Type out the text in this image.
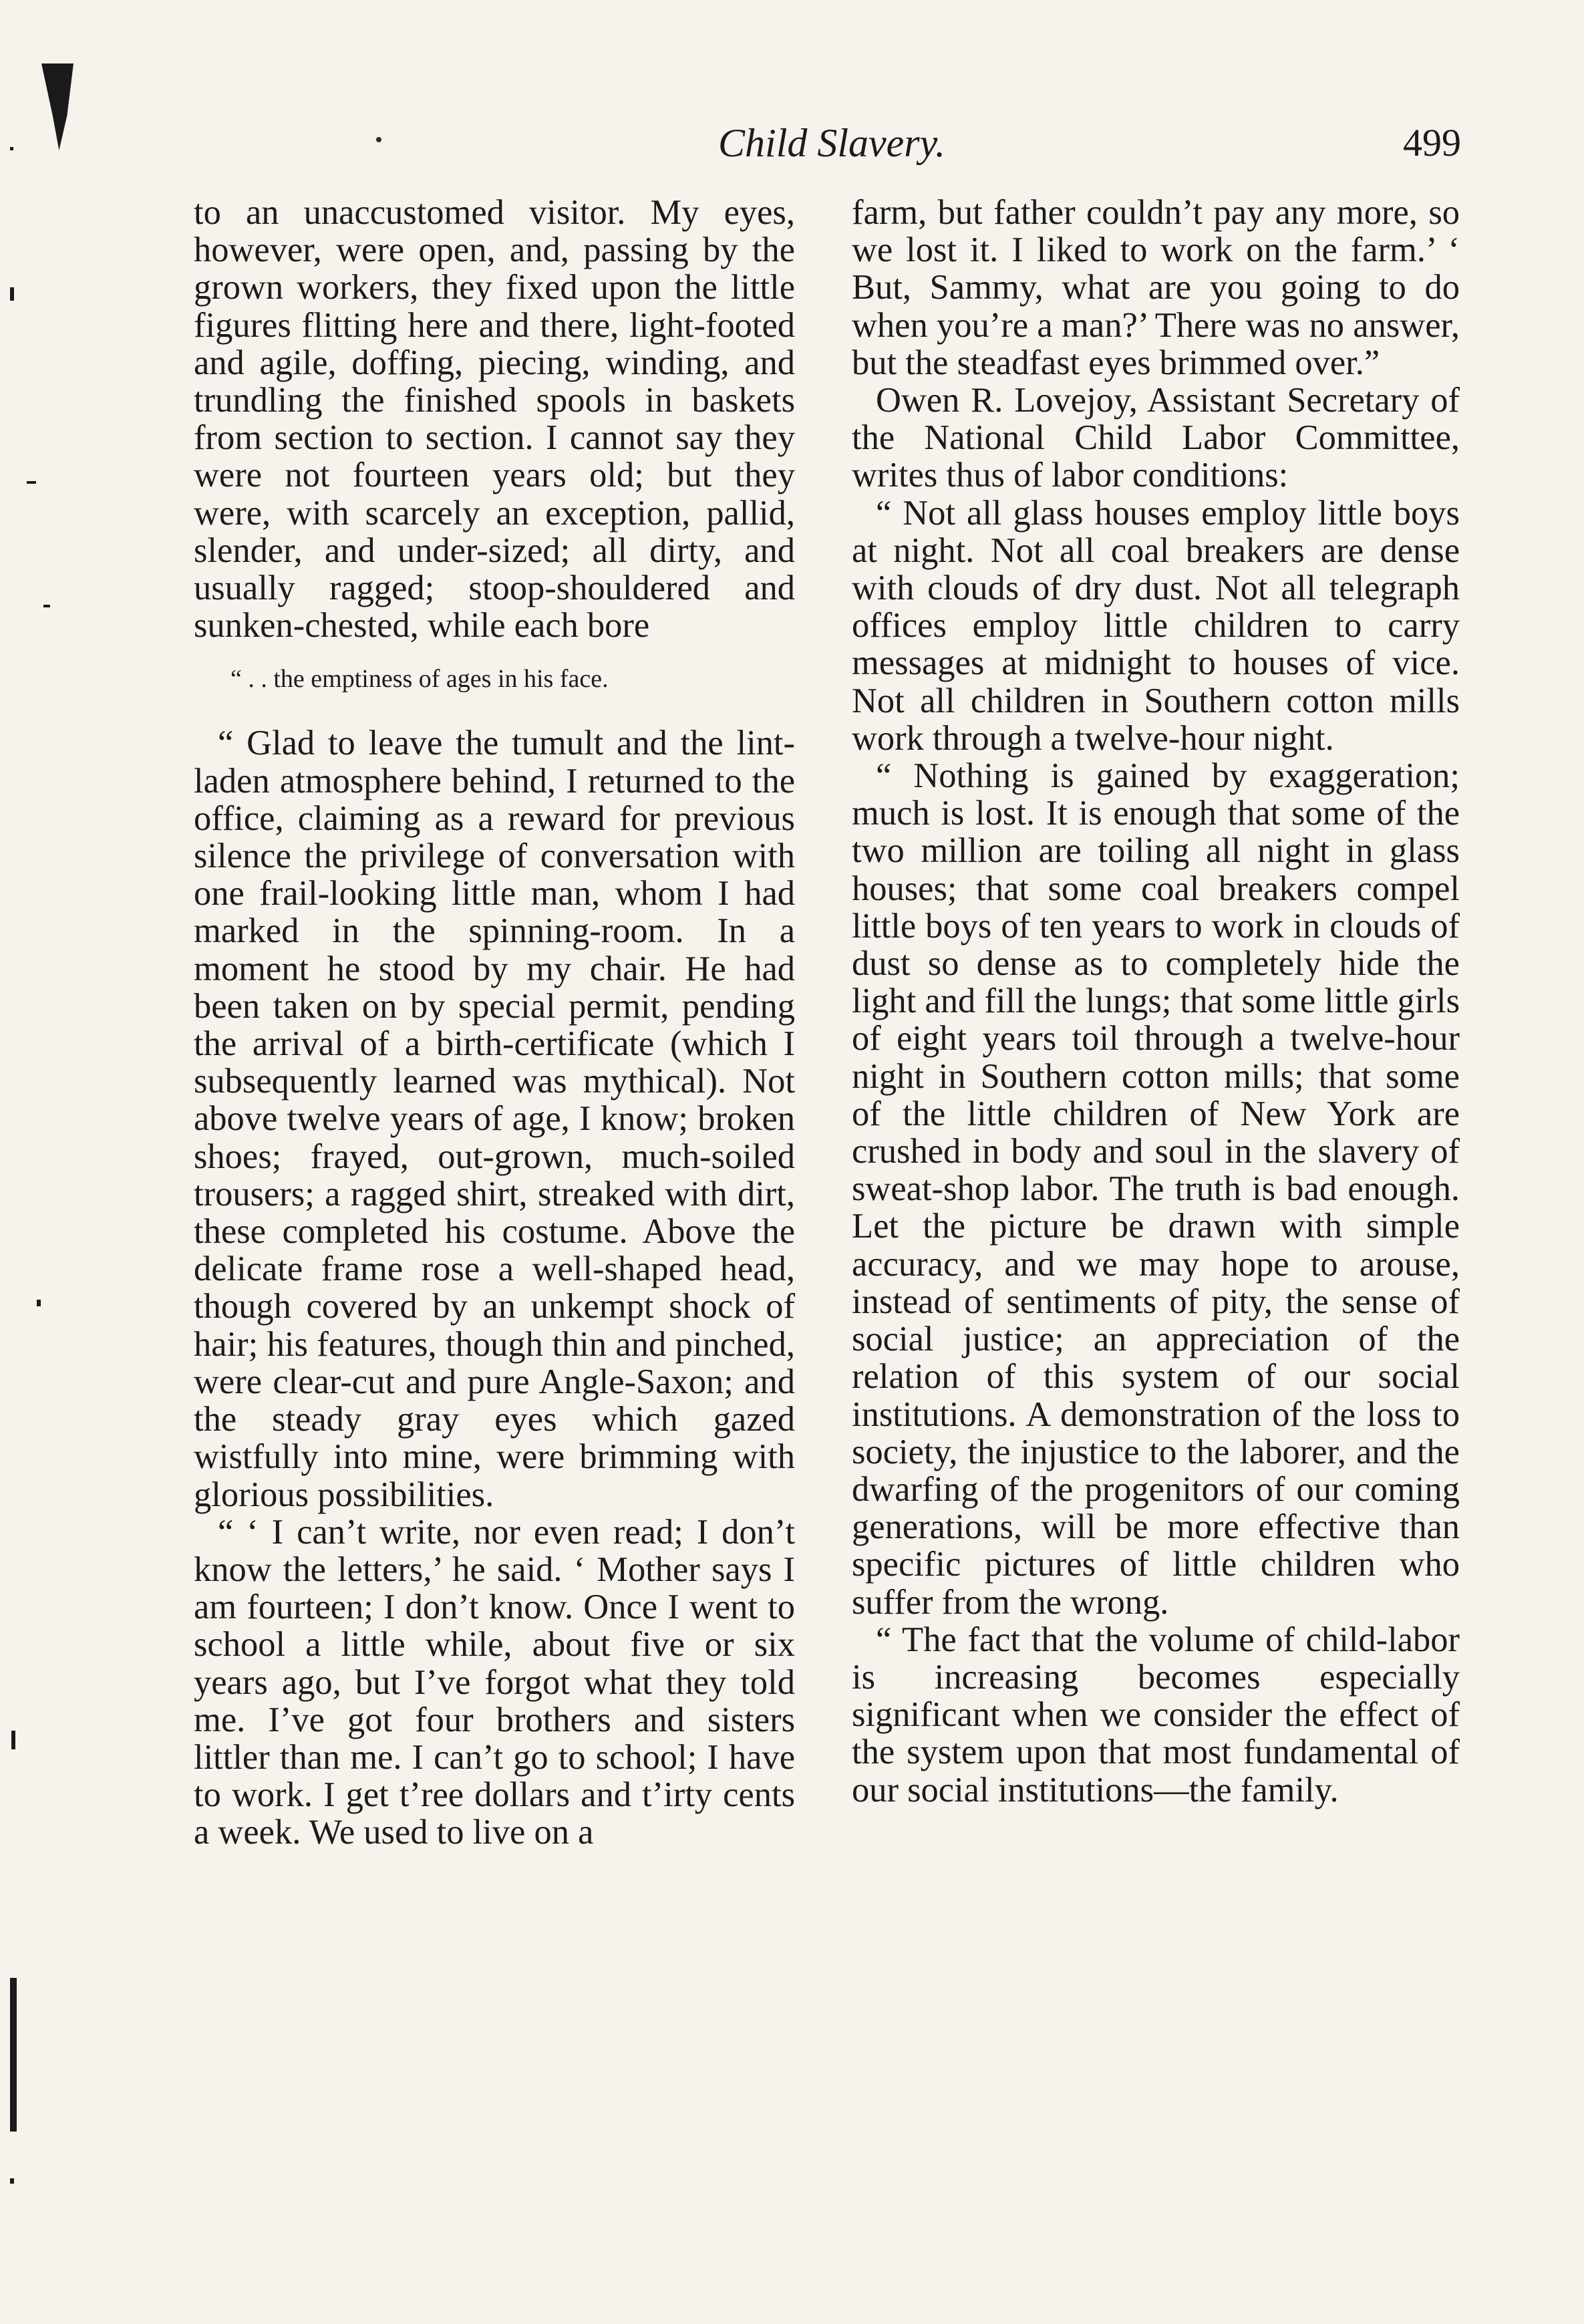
Child Slavery.	499

to an unaccustomed visitor. My eyes, however, were open, and, passing by the grown workers, they fixed upon the little figures flitting here and there, light-footed and agile, doffing, piecing, winding, and trundling the finished spools in baskets from section to section. I cannot say they were not fourteen years old; but they were, with scarcely an exception, pallid, slender, and under-sized; all dirty, and usually ragged; stoop-shouldered and sunken-chested, while each bore

“ . . the emptiness of ages in his face.

“ Glad to leave the tumult and the lint-laden atmosphere behind, I returned to the office, claiming as a reward for previous silence the privilege of conversation with one frail-looking little man, whom I had marked in the spinning-room. In a moment he stood by my chair. He had been taken on by special permit, pending the arrival of a birth-certificate (which I subsequently learned was mythical). Not above twelve years of age, I know; broken shoes; frayed, out-grown, much-soiled trousers; a ragged shirt, streaked with dirt, these completed his costume. Above the delicate frame rose a well-shaped head, though covered by an unkempt shock of hair; his features, though thin and pinched, were clear-cut and pure Angle-Saxon; and the steady gray eyes which gazed wistfully into mine, were brimming with glorious possibilities.

“ ‘ I can’t write, nor even read; I don’t know the letters,’ he said. ‘ Mother says I am fourteen; I don’t know. Once I went to school a little while, about five or six years ago, but I’ve forgot what they told me. I’ve got four brothers and sisters littler than me. I can’t go to school; I have to work. I get t’ree dollars and t’irty cents a week. We used to live on a

farm, but father couldn’t pay any more, so we lost it. I liked to work on the farm.’ ‘ But, Sammy, what are you going to do when you’re a man?’ There was no answer, but the steadfast eyes brimmed over.”

Owen R. Lovejoy, Assistant Secretary of the National Child Labor Committee, writes thus of labor conditions:

“ Not all glass houses employ little boys at night. Not all coal breakers are dense with clouds of dry dust. Not all telegraph offices employ little children to carry messages at midnight to houses of vice. Not all children in Southern cotton mills work through a twelve-hour night.

“ Nothing is gained by exaggeration; much is lost. It is enough that some of the two million are toiling all night in glass houses; that some coal breakers compel little boys of ten years to work in clouds of dust so dense as to completely hide the light and fill the lungs; that some little girls of eight years toil through a twelve-hour night in Southern cotton mills; that some of the little children of New York are crushed in body and soul in the slavery of sweat-shop labor. The truth is bad enough. Let the picture be drawn with simple accuracy, and we may hope to arouse, instead of sentiments of pity, the sense of social justice; an appreciation of the relation of this system of our social institutions. A demonstration of the loss to society, the injustice to the laborer, and the dwarfing of the progenitors of our coming generations, will be more effective than specific pictures of little children who suffer from the wrong.

“ The fact that the volume of child-labor is increasing becomes especially significant when we consider the effect of the system upon that most fundamental of our social institutions—the family.
